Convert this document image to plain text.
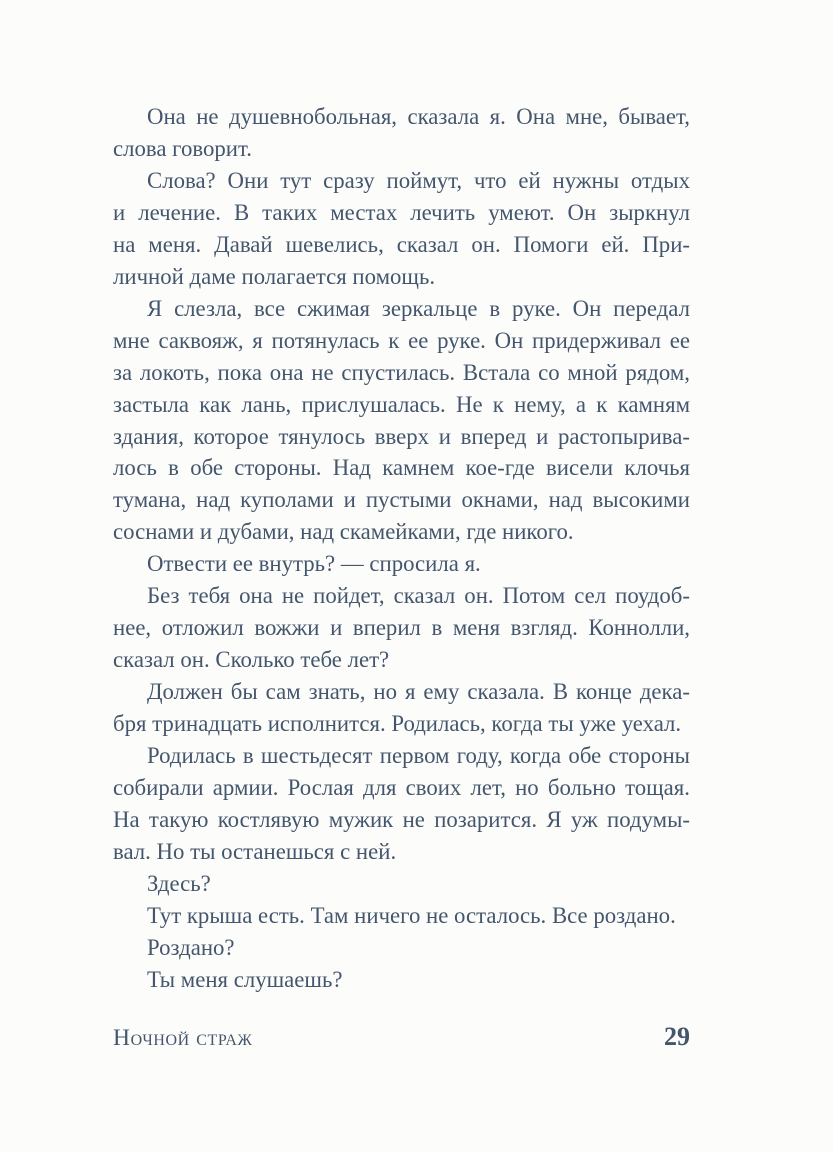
Она не душевнобольная, сказала я. Она мне, бывает,
слова говорит.
Слова? Они тут сразу поймут, что ей нужны отдых
и лечение. В таких местах лечить умеют. Он зыркнул
на меня. Давай шевелись, сказал он. Помоги ей. При-
личной даме полагается помощь.
Я слезла, все сжимая зеркальце в руке. Он передал
мне саквояж, я потянулась к ее руке. Он придерживал ее
за локоть, пока она не спустилась. Встала со мной рядом,
застыла как лань, прислушалась. Не к нему, а к камням
здания, которое тянулось вверх и вперед и растопырива-
лось в обе стороны. Над камнем кое-где висели клочья
тумана, над куполами и пустыми окнами, над высокими
соснами и дубами, над скамейками, где никого.
Отвести ее внутрь? — спросила я.
Без тебя она не пойдет, сказал он. Потом сел поудоб-
нее, отложил вожжи и вперил в меня взгляд. Коннолли,
сказал он. Сколько тебе лет?
Должен бы сам знать, но я ему сказала. В конце дека-
бря тринадцать исполнится. Родилась, когда ты уже уехал.
Родилась в шестьдесят первом году, когда обе стороны
собирали армии. Рослая для своих лет, но больно тощая.
На такую костлявую мужик не позарится. Я уж подумы-
вал. Но ты останешься с ней.
Здесь?
Тут крыша есть. Там ничего не осталось. Все роздано.
Роздано?
Ты меня слушаешь?
Ночной страж	29
